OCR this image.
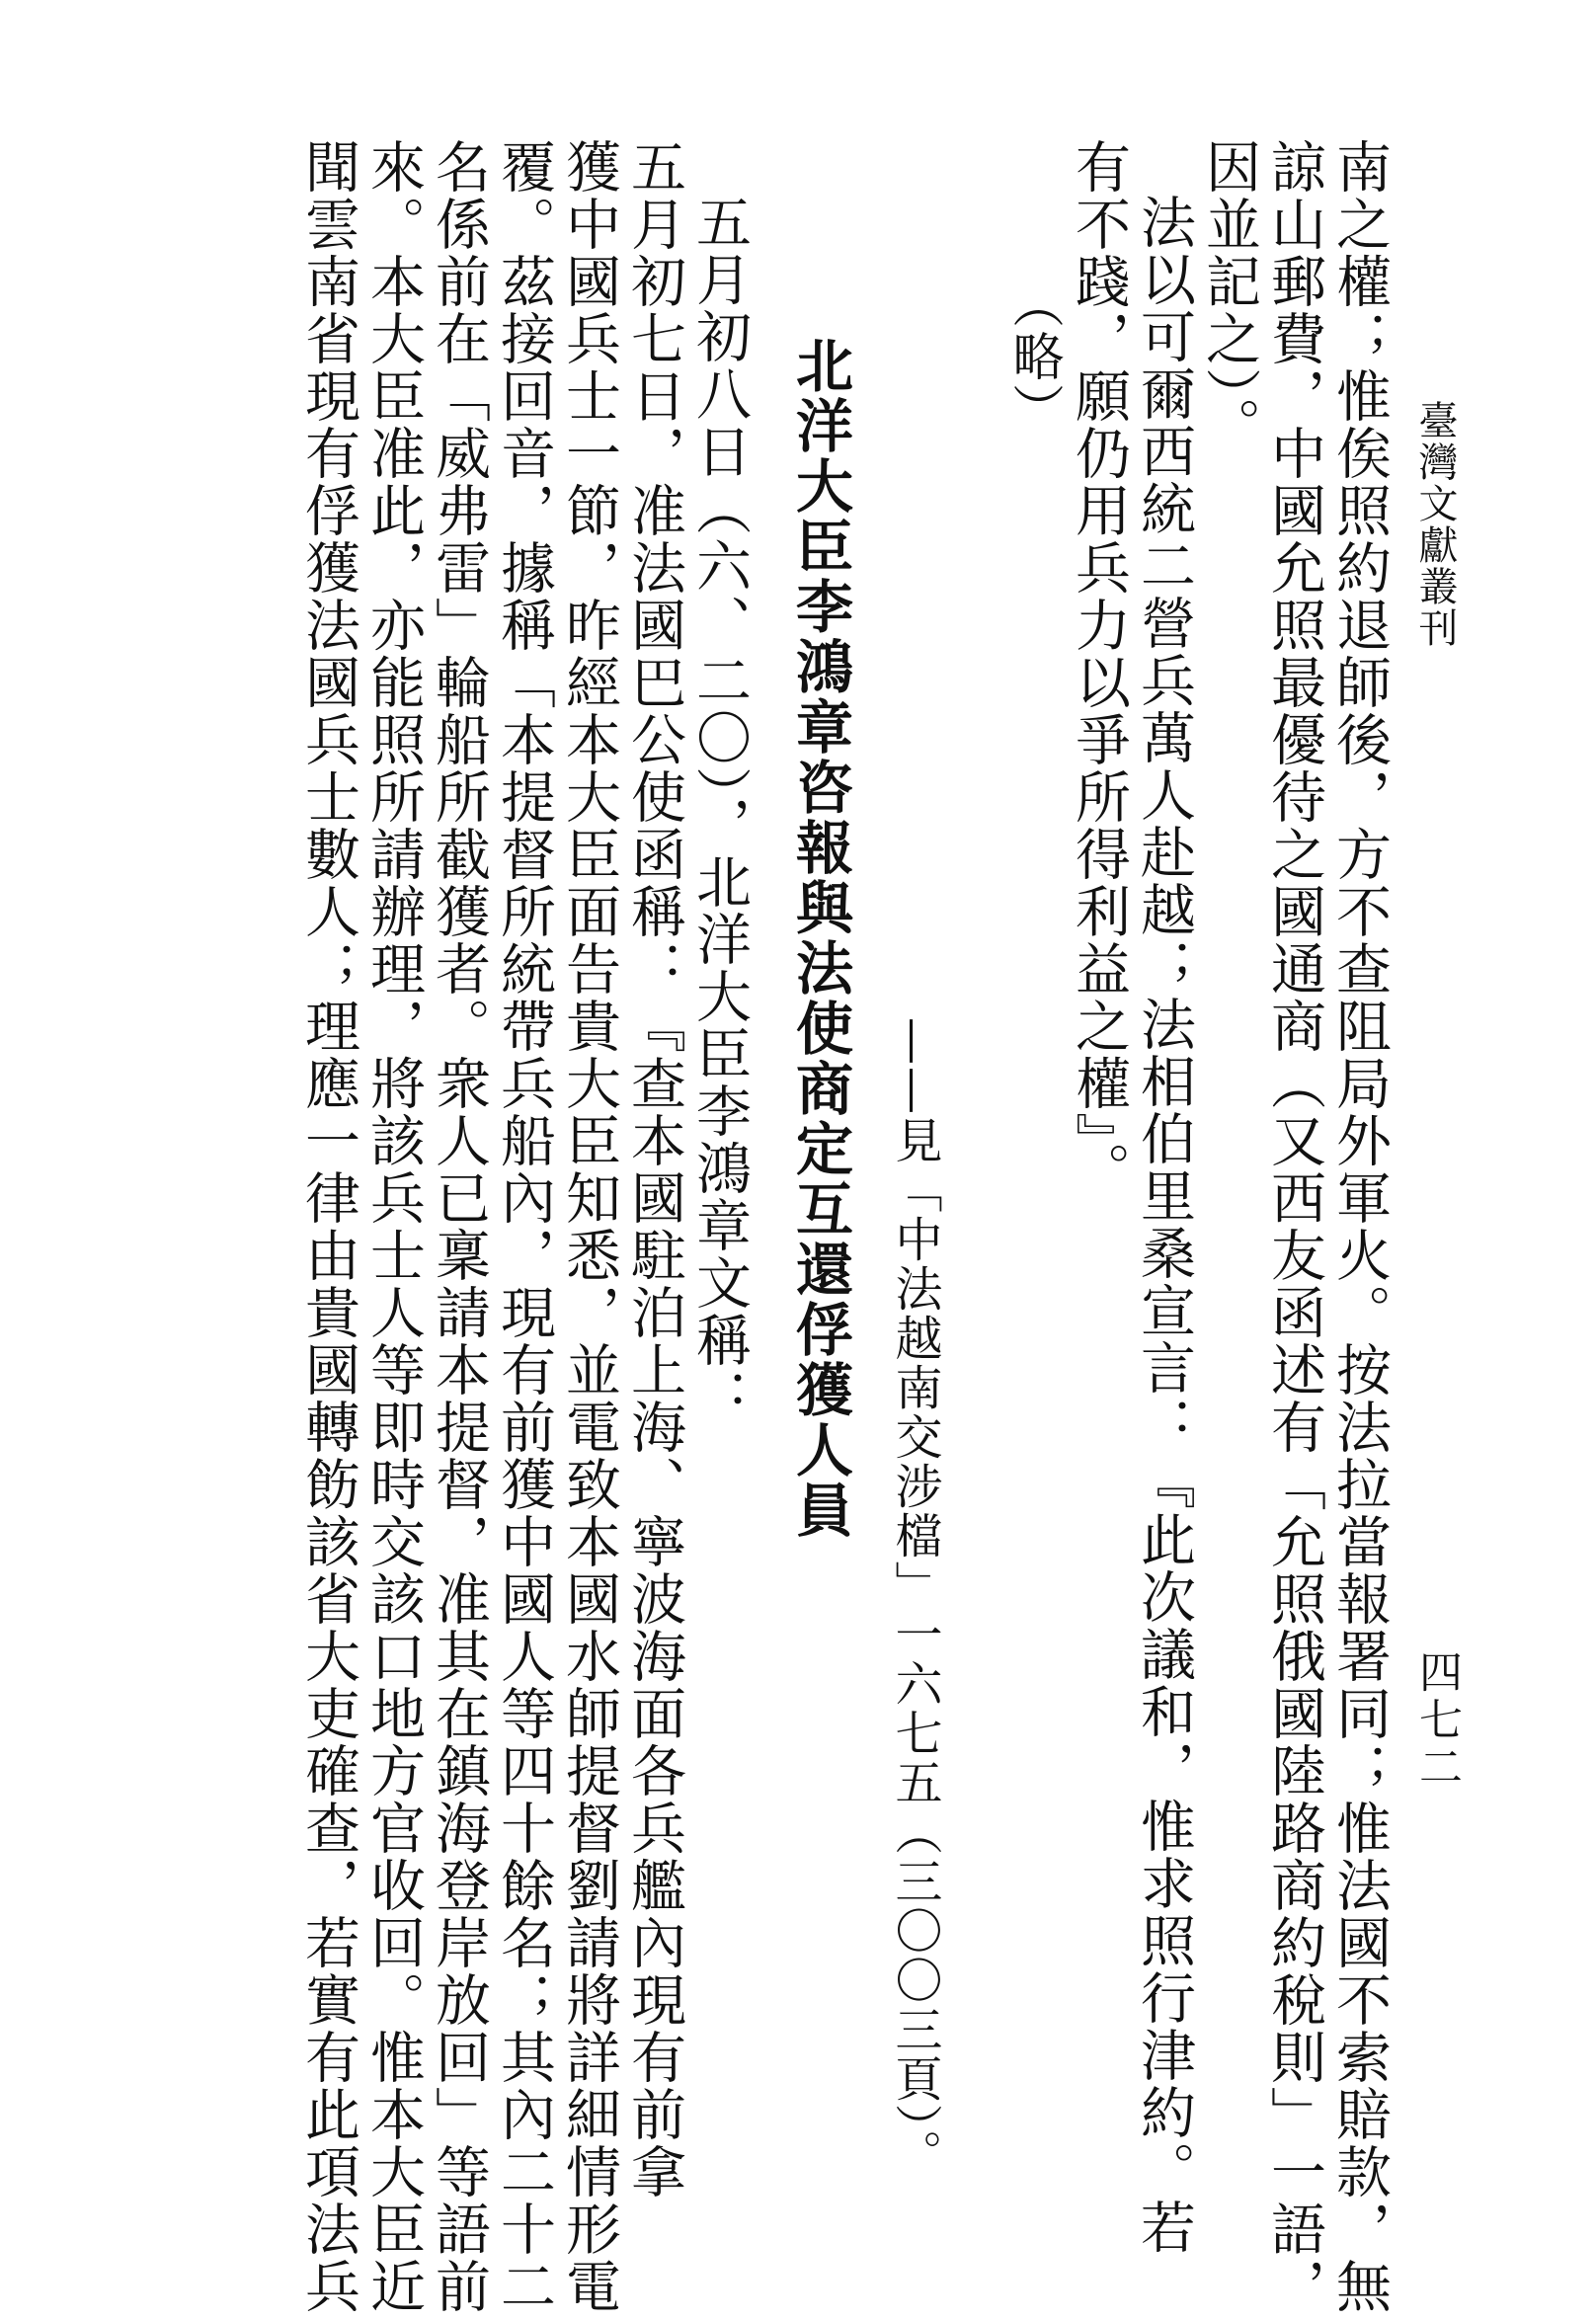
臺灣文獻叢刊
四七二
南之權；惟俟照約退師後，方不查阻局外軍火。按法拉當報署同；惟法國不索賠款，無
諒山郵費，中國允照最優待之國通商（又西友函述有「允照俄國陸路商約稅則」一語，
因並記之）。
法以可爾西統二營兵萬人赴越；法相伯里桑宣言：『此次議和，惟求照行津約。若
有不踐，願仍用兵力以爭所得利益之權』。
（略）
——見「中法越南交涉檔」一六七五（三〇〇三頁）。
北洋大臣李鴻章咨報與法使商定互還俘獲人員
五月初八日（六、二〇），北洋大臣李鴻章文稱：
五月初七日，准法國巴公使函稱：『查本國駐泊上海、寧波海面各兵艦內現有前拿
獲中國兵士一節，昨經本大臣面告貴大臣知悉，並電致本國水師提督劉請將詳細情形電
覆。茲接回音，據稱「本提督所統帶兵船內，現有前獲中國人等四十餘名；其內二十二
名係前在「威弗雷」輪船所截獲者。衆人已稟請本提督，准其在鎮海登岸放回」等語前
來。本大臣准此，亦能照所請辦理，將該兵士人等即時交該口地方官收回。惟本大臣近
聞雲南省現有俘獲法國兵士數人；理應一律由貴國轉飭該省大吏確查，若實有此項法兵
